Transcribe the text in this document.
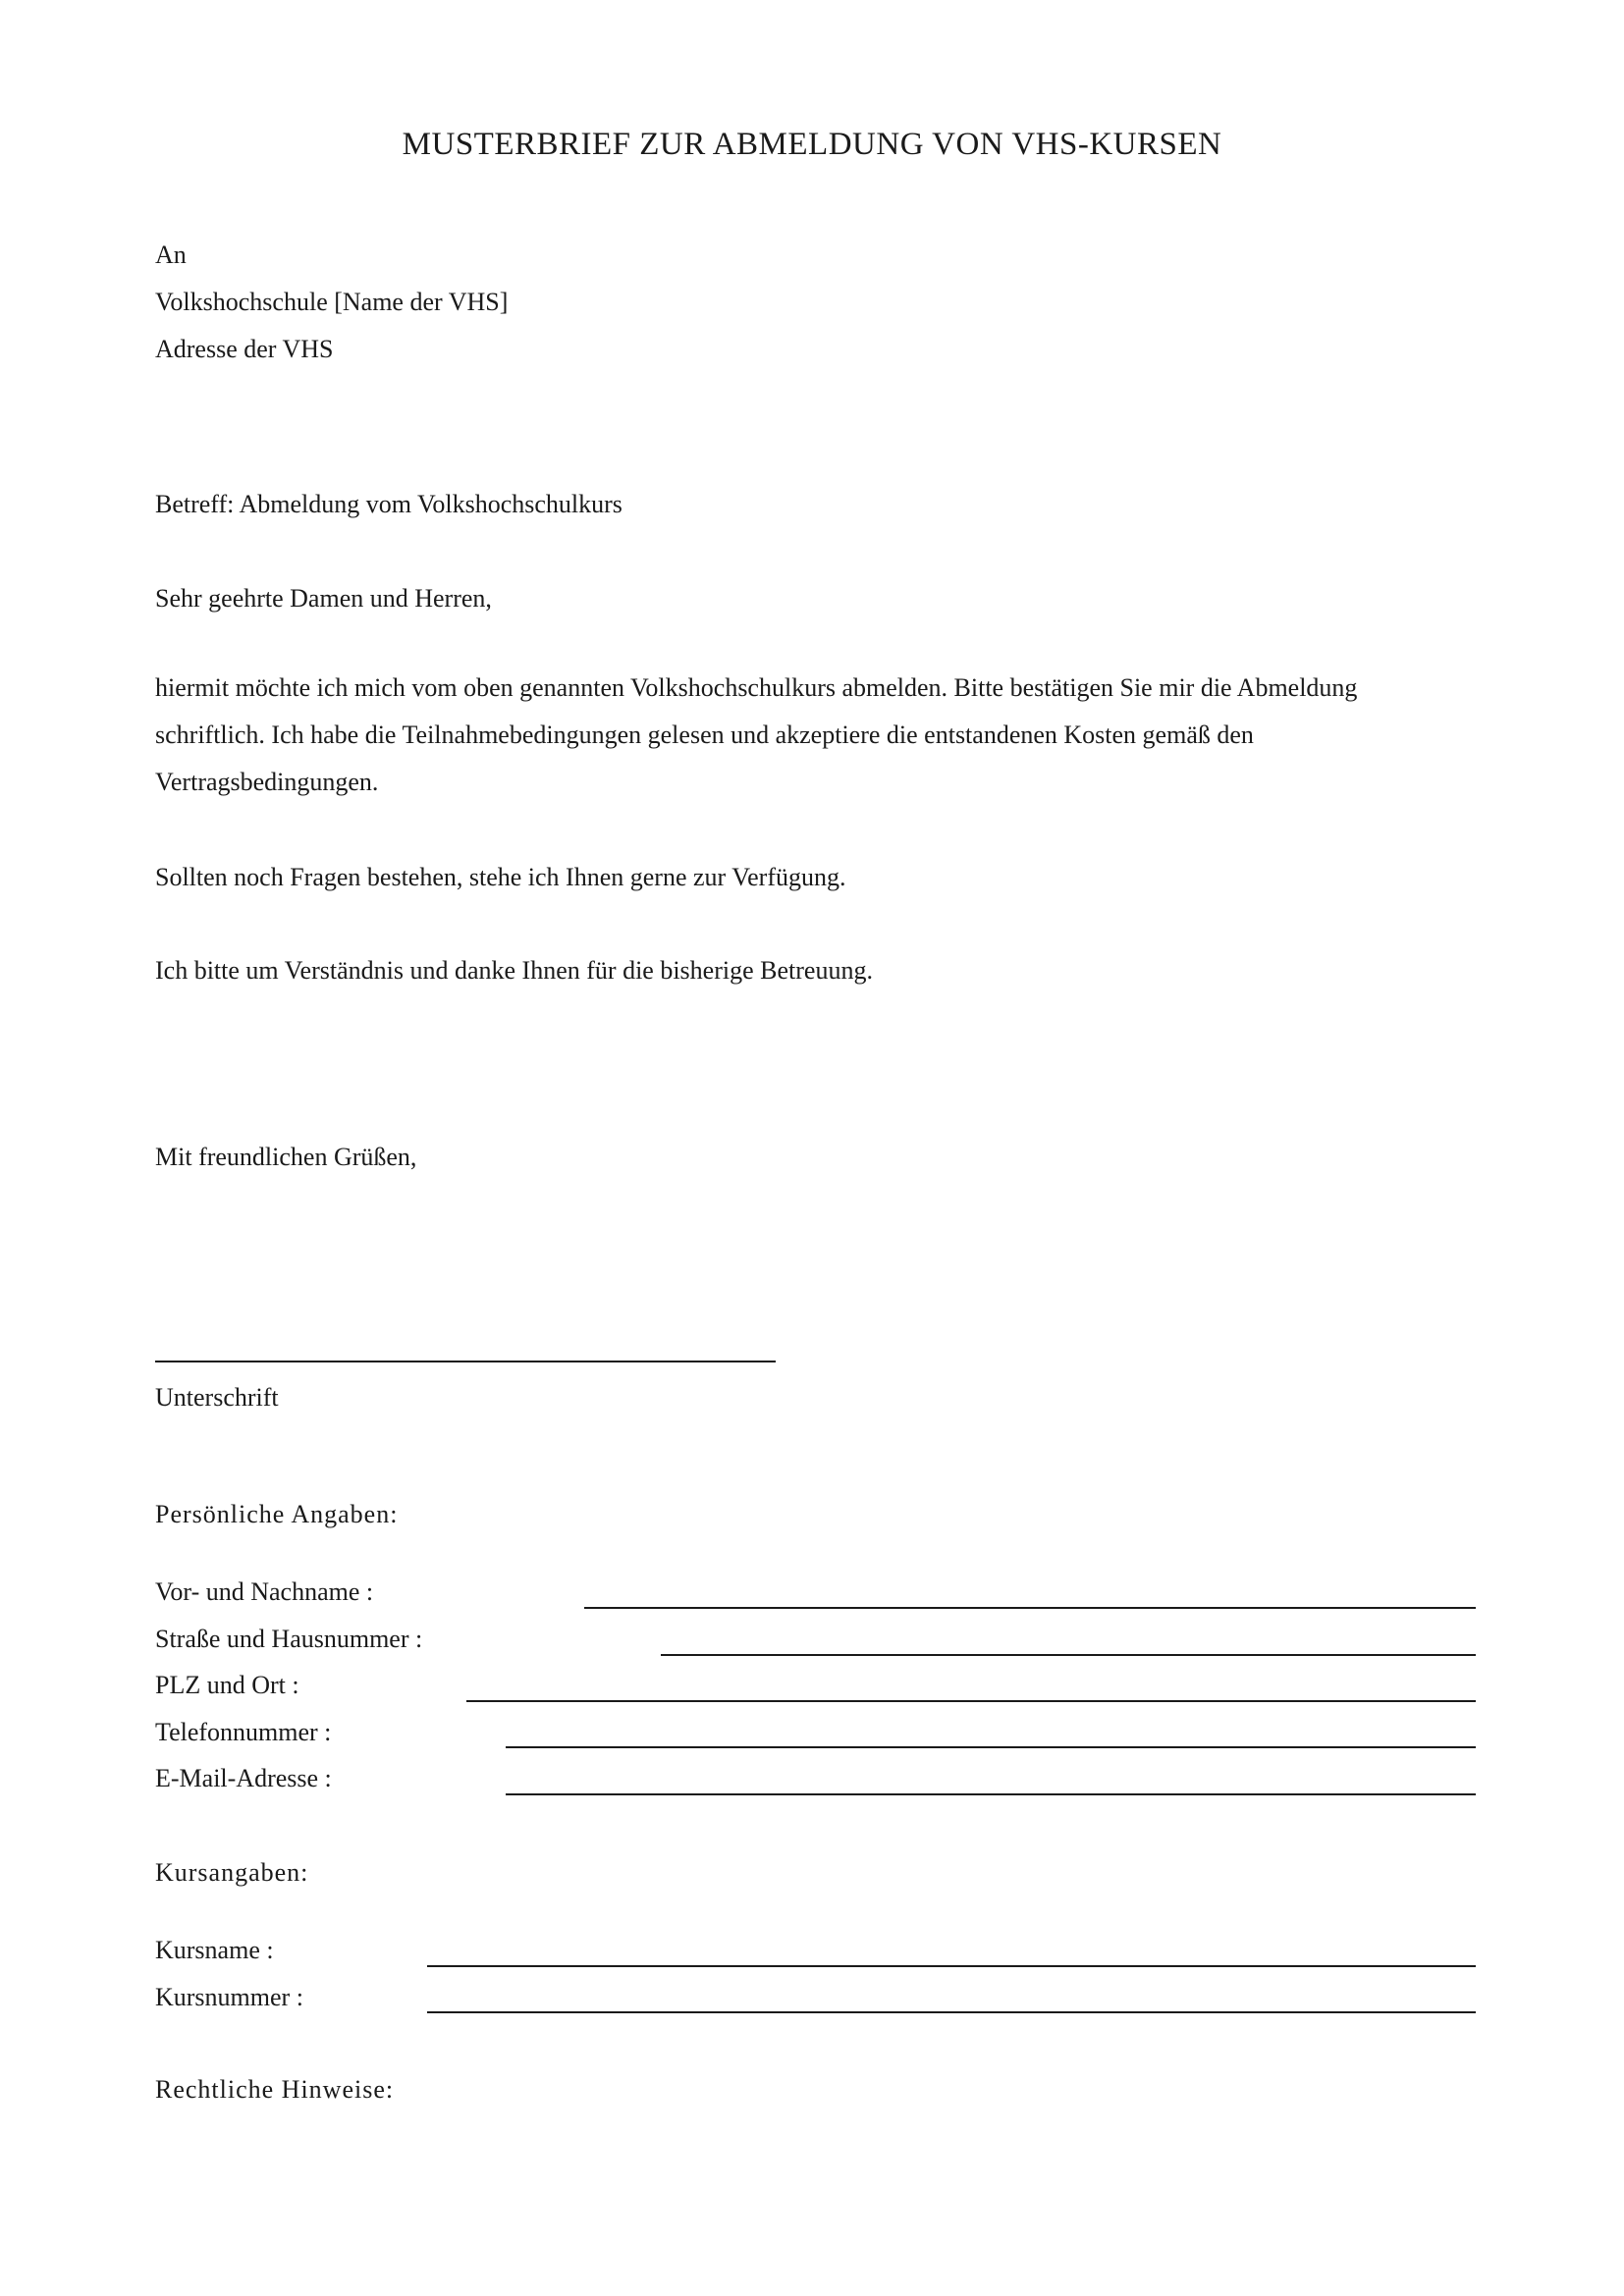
MUSTERBRIEF ZUR ABMELDUNG VON VHS-KURSEN
An
Volkshochschule [Name der VHS]
Adresse der VHS
Betreff: Abmeldung vom Volkshochschulkurs
Sehr geehrte Damen und Herren,
hiermit möchte ich mich vom oben genannten Volkshochschulkurs abmelden. Bitte bestätigen Sie mir die Abmeldung
schriftlich. Ich habe die Teilnahmebedingungen gelesen und akzeptiere die entstandenen Kosten gemäß den
Vertragsbedingungen.
Sollten noch Fragen bestehen, stehe ich Ihnen gerne zur Verfügung.
Ich bitte um Verständnis und danke Ihnen für die bisherige Betreuung.
Mit freundlichen Grüßen,
Unterschrift
Persönliche Angaben:
Vor- und Nachname :
Straße und Hausnummer :
PLZ und Ort :
Telefonnummer :
E-Mail-Adresse :
Kursangaben:
Kursname :
Kursnummer :
Rechtliche Hinweise:
